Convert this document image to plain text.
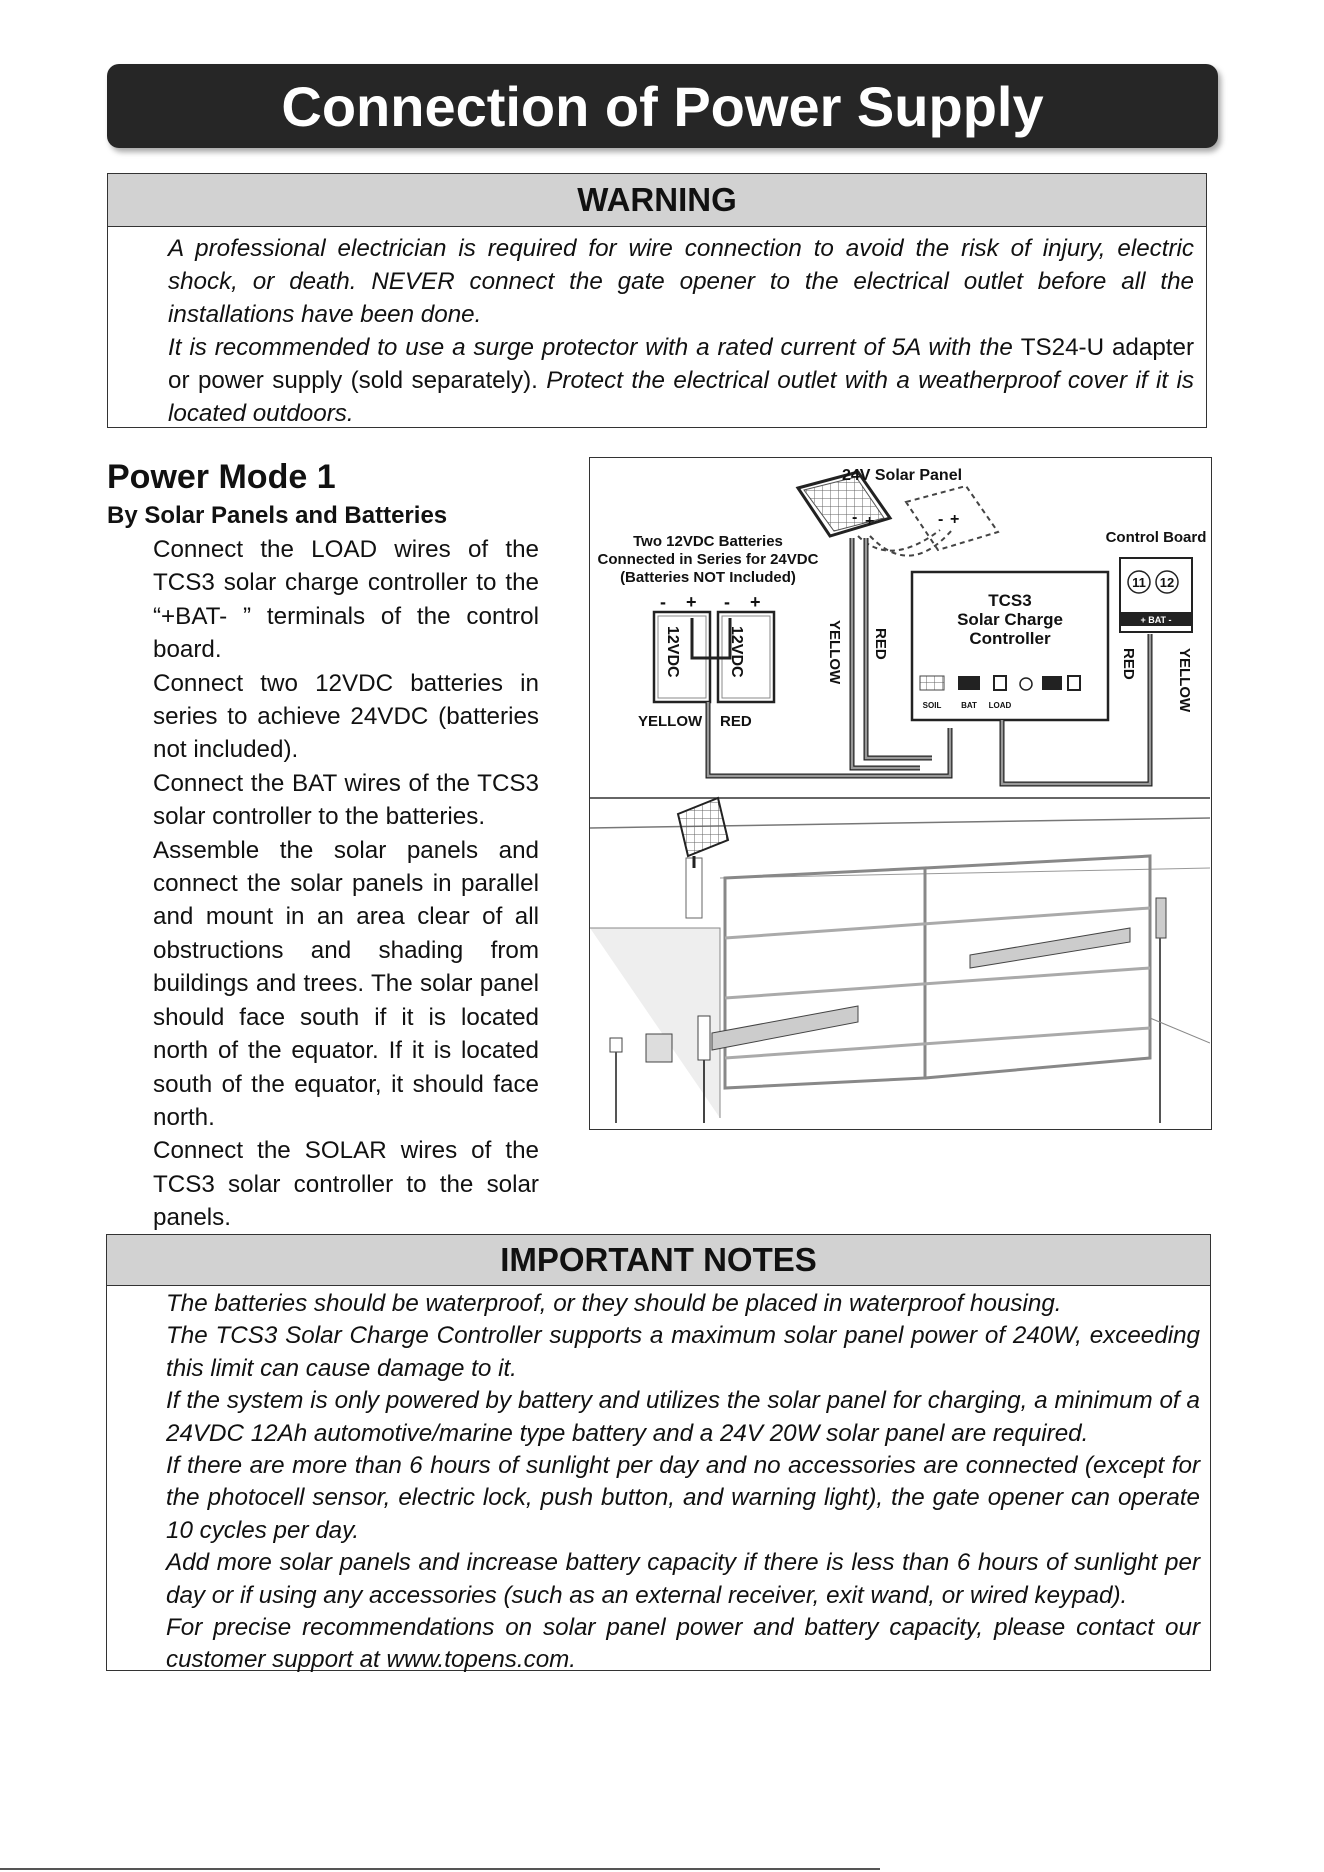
Connection of Power Supply
WARNING

A professional electrician is required for wire connection to avoid the risk of injury, electric shock, or death. NEVER connect the gate opener to the electrical outlet before all the installations have been done.

It is recommended to use a surge protector with a rated current of 5A with the TS24-U adapter or power supply (sold separately). Protect the electrical outlet with a weatherproof cover if it is located outdoors.

Power Mode 1

By Solar Panels and Batteries

Connect the LOAD wires of the TCS3 solar charge controller to the “+BAT- ” terminals of the control board.

Connect two 12VDC batteries in series to achieve 24VDC (batteries not included).

Connect the BAT wires of the TCS3 solar controller to the batteries.

Assemble the solar panels and connect the solar panels in parallel and mount in an area clear of all obstructions and shading from buildings and trees. The solar panel should face south if it is located north of the equator. If it is located south of the equator, it should face north.

Connect the SOLAR wires of the TCS3 solar controller to the solar panels.

24V Solar Panel
- +	- +
YELLOW RED
Two 12VDC Batteries
Connected in Series for 24VDC
(Batteries NOT Included)
12VDC	12VDC
- + - +
YELLOW RED
TCS3
Solar Charge
Controller
SOIL BAT LOAD
Control Board
11 12
+ BAT -
RED	YELLOW
IMPORTANT NOTES

The batteries should be waterproof, or they should be placed in waterproof housing.

The TCS3 Solar Charge Controller supports a maximum solar panel power of 240W, exceeding this limit can cause damage to it.

If the system is only powered by battery and utilizes the solar panel for charging, a minimum of a 24VDC 12Ah automotive/marine type battery and a 24V 20W solar panel are required.

If there are more than 6 hours of sunlight per day and no accessories are connected (except for the photocell sensor, electric lock, push button, and warning light), the gate opener can operate 10 cycles per day.

Add more solar panels and increase battery capacity if there is less than 6 hours of sunlight per day or if using any accessories (such as an external receiver, exit wand, or wired keypad).

For precise recommendations on solar panel power and battery capacity, please contact our customer support at www.topens.com.
